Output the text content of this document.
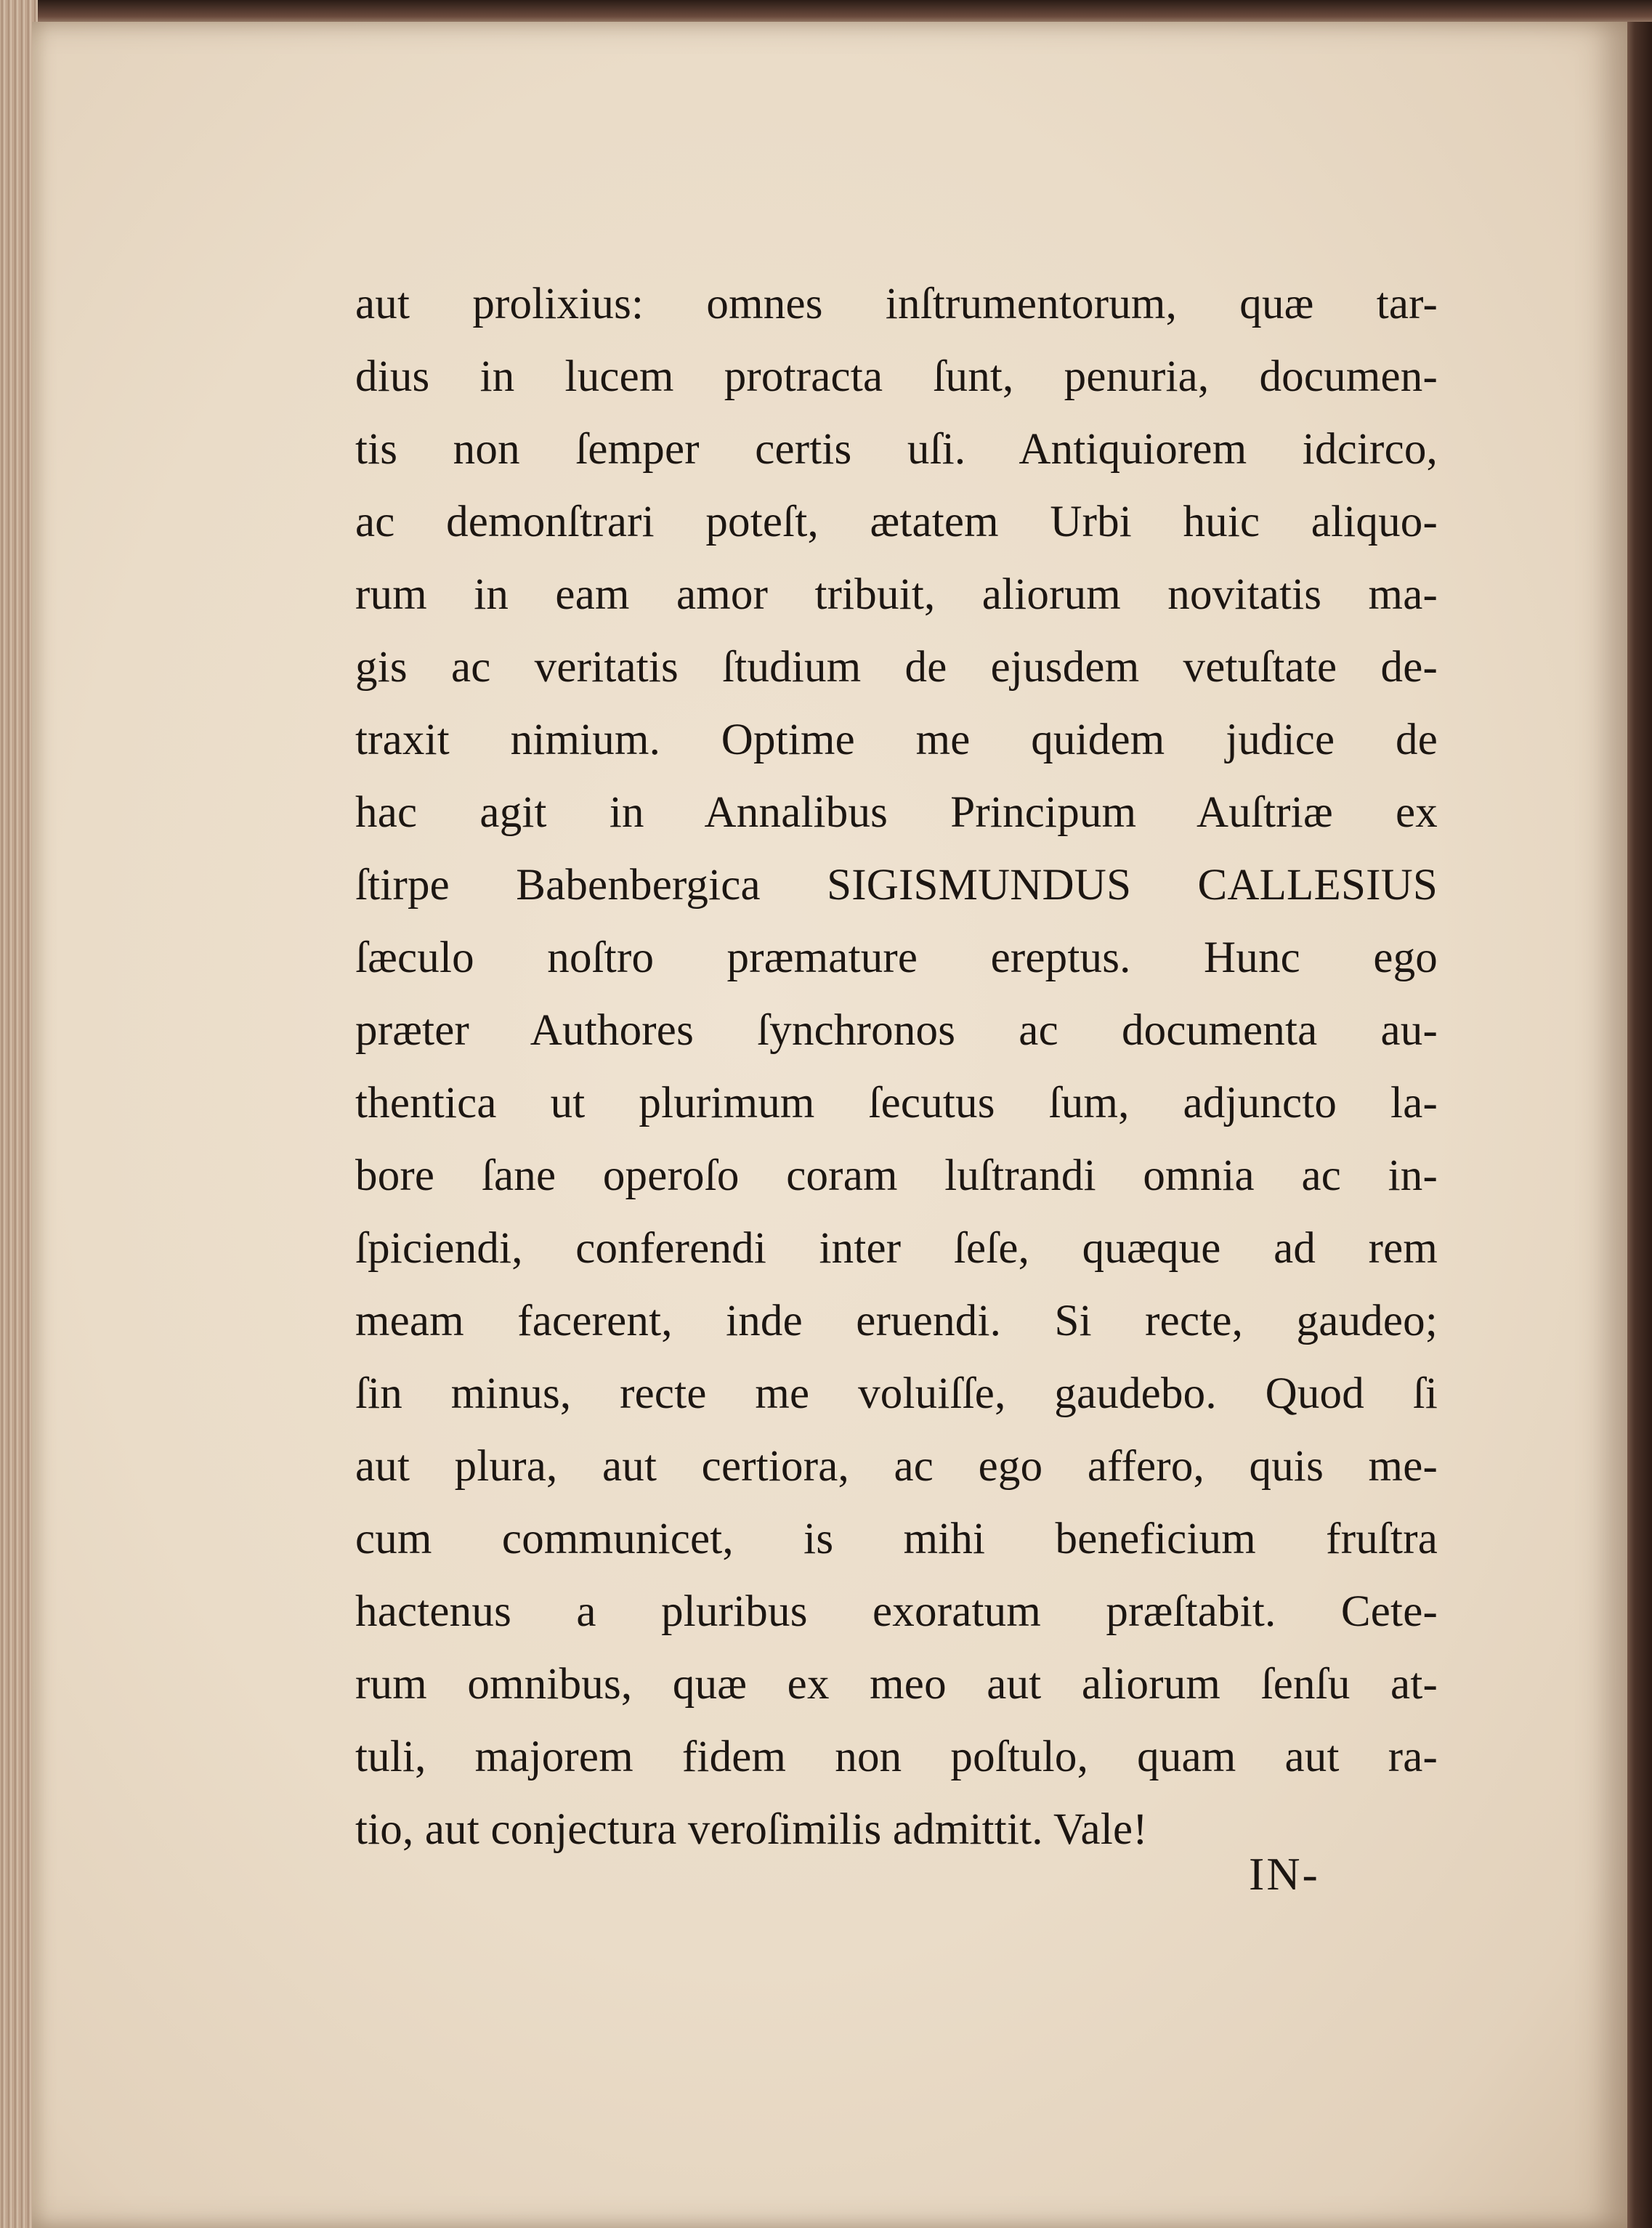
aut prolixius: omnes inſtrumentorum, quæ tar-
dius in lucem protracta ſunt, penuria, documen-
tis non ſemper certis uſi. Antiquiorem idcirco,
ac demonſtrari poteſt, ætatem Urbi huic aliquo-
rum in eam amor tribuit, aliorum novitatis ma-
gis ac veritatis ſtudium de ejusdem vetuſtate de-
traxit nimium. Optime me quidem judice de
hac agit in Annalibus Principum Auſtriæ ex
ſtirpe Babenbergica SIGISMUNDUS CALLESIUS
ſæculo noſtro præmature ereptus. Hunc ego
præter Authores ſynchronos ac documenta au-
thentica ut plurimum ſecutus ſum, adjuncto la-
bore ſane operoſo coram luſtrandi omnia ac in-
ſpiciendi, conferendi inter ſeſe, quæque ad rem
meam facerent, inde eruendi. Si recte, gaudeo;
ſin minus, recte me voluiſſe, gaudebo. Quod ſi
aut plura, aut certiora, ac ego affero, quis me-
cum communicet, is mihi beneficium fruſtra
hactenus a pluribus exoratum præſtabit. Cete-
rum omnibus, quæ ex meo aut aliorum ſenſu at-
tuli, majorem fidem non poſtulo, quam aut ra-
tio, aut conjectura veroſimilis admittit. Vale!
IN-
